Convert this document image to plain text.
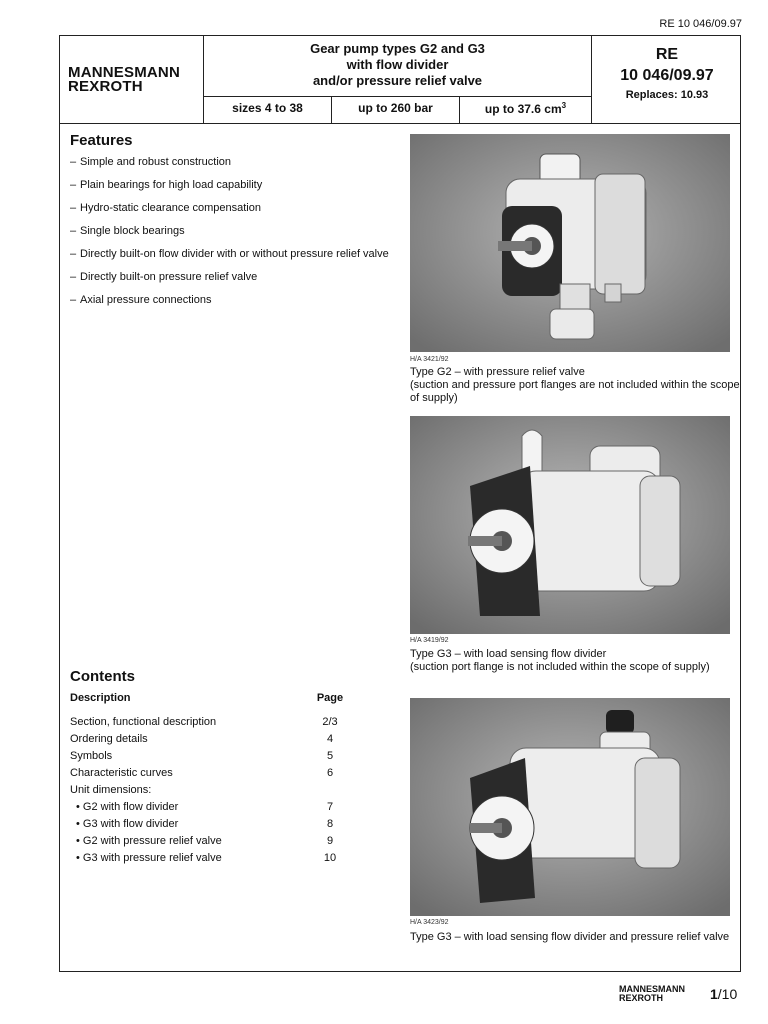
RE 10 046/09.97
MANNESMANN
REXROTH
Gear pump types G2 and G3
with flow divider
and/or pressure relief valve
sizes 4 to 38	up to 260 bar	up to 37.6 $cm^3$
RE
10 046/09.97
Replaces: 10.93
Features
– Simple and robust construction
– Plain bearings for high load capability
– Hydro-static clearance compensation
– Single block bearings
– Directly built-on flow divider with or without pressure relief valve
– Directly built-on pressure relief valve
– Axial pressure connections
Contents
Description	Page
Section, functional description	2/3
Ordering details	4
Symbols	5
Characteristic curves	6
Unit dimensions:
• G2 with flow divider	7
• G3 with flow divider	8
• G2 with pressure relief valve	9
• G3 with pressure relief valve	10
H/A 3421/92
Type G2 – with pressure relief valve
(suction and pressure port flanges are not included within the scope of supply)
H/A 3419/92
Type G3 – with load sensing flow divider
(suction port flange is not included within the scope of supply)
H/A 3423/92
Type G3 – with load sensing flow divider and pressure relief valve
MANNESMANN
REXROTH	1/10
